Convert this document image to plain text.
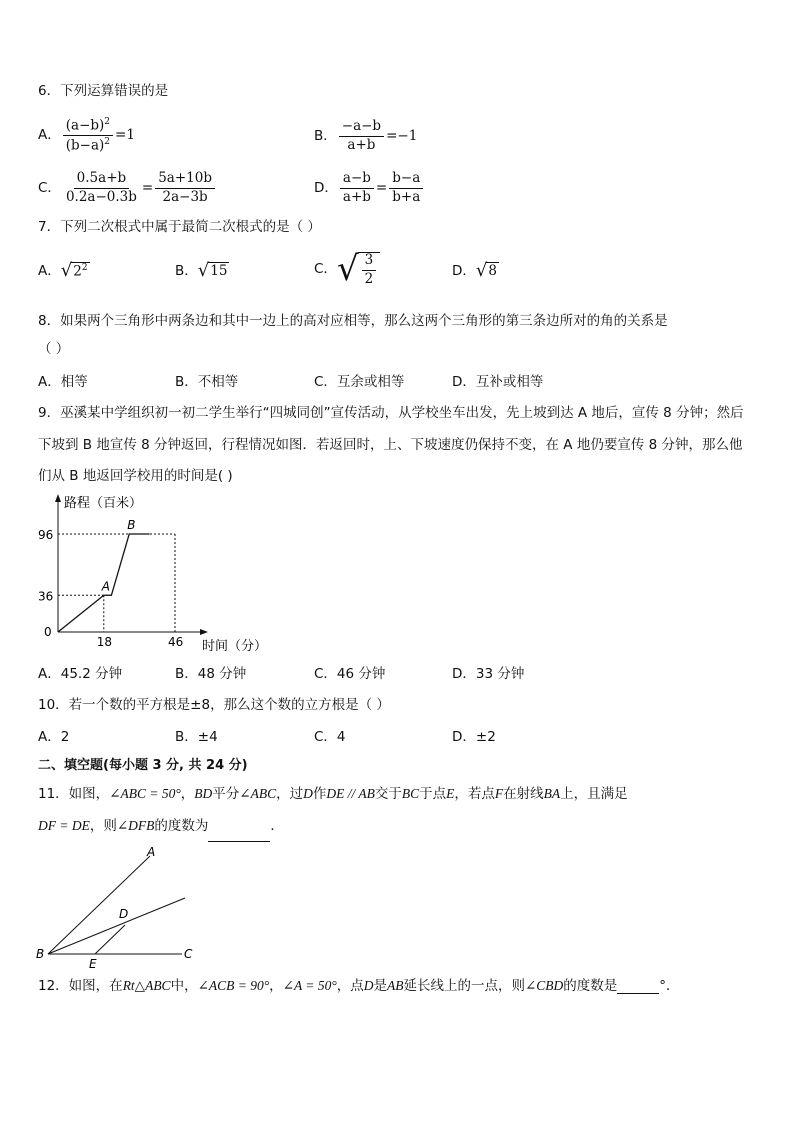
6．下列运算错误的是
A． $\frac{(a-b)^2}{(b-a)^2} =1$	B． $\frac{-a-b}{a+b} =-1$
C． $\frac{0.5a+b}{0.2a-0.3b} = \frac{5a+10b}{2a-3b}$	D． $\frac{a-b}{a+b} = \frac{b-a}{b+a}$
7．下列二次根式中属于最简二次根式的是（ ）
A． √ $2^2$	B． √ 15	C． √ $\frac{3}{2}$	D． √ 8
8．如果两个三角形中两条边和其中一边上的高对应相等，那么这两个三角形的第三条边所对的角的关系是
（ ）
A．相等	B．不相等	C．互余或相等	D．互补或相等
9．巫溪某中学组织初一初二学生举行“四城同创”宣传活动，从学校坐车出发，先上坡到达 A 地后，宣传 8 分钟；然后
下坡到 B 地宣传 8 分钟返回，行程情况如图．若返回时，上、下坡速度仍保持不变，在 A 地仍要宣传 8 分钟，那么他
们从 B 地返回学校用的时间是( )
路程（百米）
时间（分）
A
B
96
36
0
18	46
A．45.2 分钟	B．48 分钟	C．46 分钟	D．33 分钟
10．若一个数的平方根是±8，那么这个数的立方根是（ ）
A．2	B．±4	C．4	D．±2
二、填空题(每小题 3 分, 共 24 分)
11．如图，∠ABC = 50°，BD平分∠ABC，过D作DE // AB交于BC于点E，若点F在射线BA上，且满足
DF = DE，则∠DFB的度数为	．
A
B	C
D
E
12．如图，在Rt△ABC中，∠ACB = 90°，∠A = 50°，点D是AB延长线上的一点，则∠CBD的度数是	°．
